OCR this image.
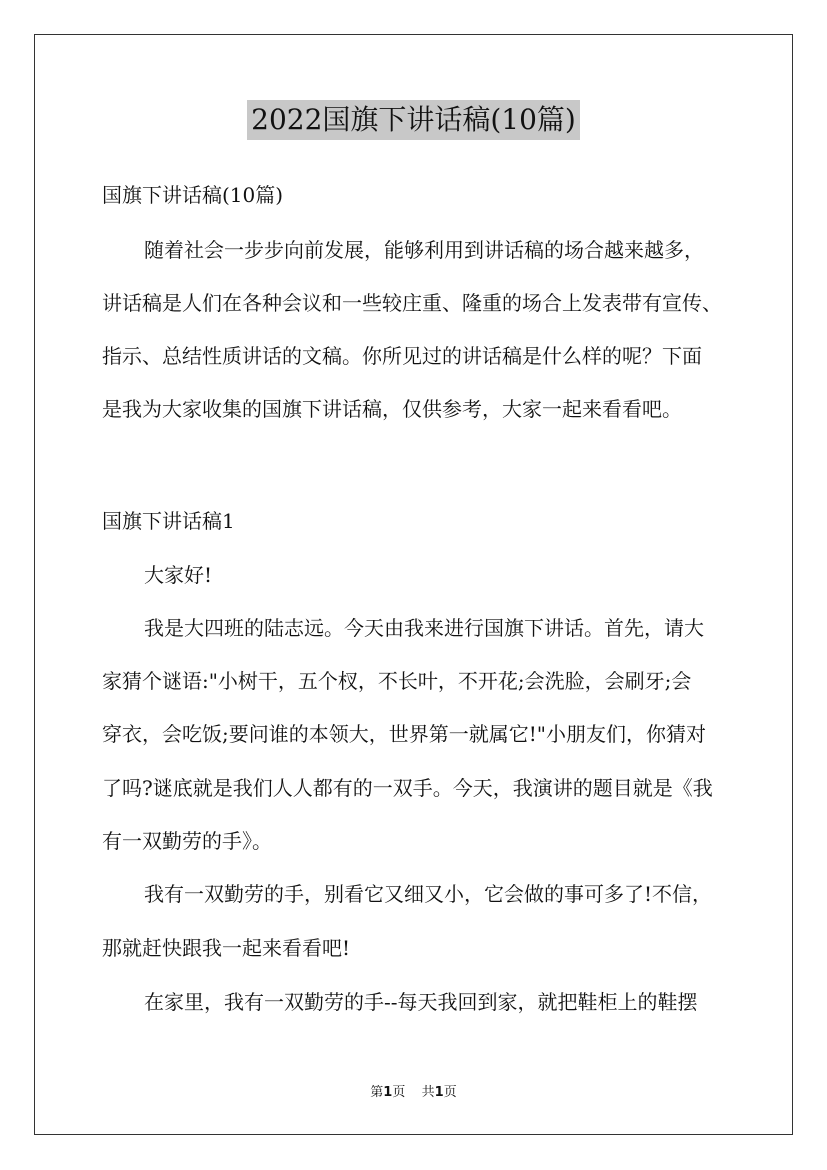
2022国旗下讲话稿(10篇)
国旗下讲话稿(10篇)
随着社会一步步向前发展，能够利用到讲话稿的场合越来越多，
讲话稿是人们在各种会议和一些较庄重、隆重的场合上发表带有宣传、
指示、总结性质讲话的文稿。你所见过的讲话稿是什么样的呢？下面
是我为大家收集的国旗下讲话稿，仅供参考，大家一起来看看吧。
国旗下讲话稿1
大家好!
我是大四班的陆志远。今天由我来进行国旗下讲话。首先，请大
家猜个谜语:"小树干，五个杈，不长叶，不开花;会洗脸，会刷牙;会
穿衣，会吃饭;要问谁的本领大，世界第一就属它!"小朋友们，你猜对
了吗?谜底就是我们人人都有的一双手。今天，我演讲的题目就是《我
有一双勤劳的手》。
我有一双勤劳的手，别看它又细又小，它会做的事可多了!不信，
那就赶快跟我一起来看看吧!
在家里，我有一双勤劳的手--每天我回到家，就把鞋柜上的鞋摆
第1页 共1页
